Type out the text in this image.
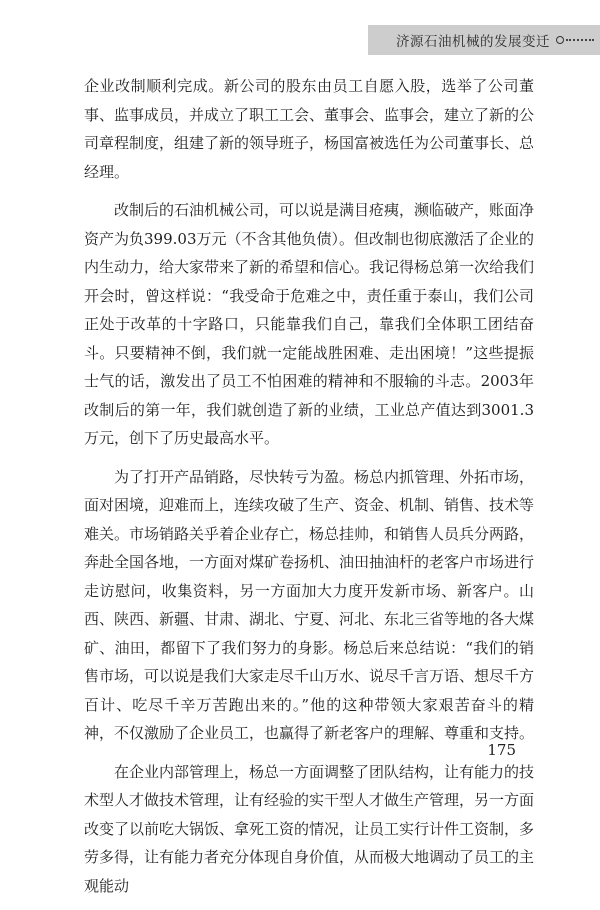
济源石油机械的发展变迁

企业改制顺利完成。新公司的股东由员工自愿入股，选举了公司董事、监事成员，并成立了职工工会、董事会、监事会，建立了新的公司章程制度，组建了新的领导班子，杨国富被选任为公司董事长、总经理。

改制后的石油机械公司，可以说是满目疮痍，濒临破产，账面净资产为负399.03万元（不含其他负债）。但改制也彻底激活了企业的内生动力，给大家带来了新的希望和信心。我记得杨总第一次给我们开会时，曾这样说：“我受命于危难之中，责任重于泰山，我们公司正处于改革的十字路口，只能靠我们自己，靠我们全体职工团结奋斗。只要精神不倒，我们就一定能战胜困难、走出困境！”这些提振士气的话，激发出了员工不怕困难的精神和不服输的斗志。2003年改制后的第一年，我们就创造了新的业绩，工业总产值达到3001.3万元，创下了历史最高水平。

为了打开产品销路，尽快转亏为盈。杨总内抓管理、外拓市场，面对困境，迎难而上，连续攻破了生产、资金、机制、销售、技术等难关。市场销路关乎着企业存亡，杨总挂帅，和销售人员兵分两路，奔赴全国各地，一方面对煤矿卷扬机、油田抽油杆的老客户市场进行走访慰问，收集资料，另一方面加大力度开发新市场、新客户。山西、陕西、新疆、甘肃、湖北、宁夏、河北、东北三省等地的各大煤矿、油田，都留下了我们努力的身影。杨总后来总结说：“我们的销售市场，可以说是我们大家走尽千山万水、说尽千言万语、想尽千方百计、吃尽千辛万苦跑出来的。”他的这种带领大家艰苦奋斗的精神，不仅激励了企业员工，也赢得了新老客户的理解、尊重和支持。

在企业内部管理上，杨总一方面调整了团队结构，让有能力的技术型人才做技术管理，让有经验的实干型人才做生产管理，另一方面改变了以前吃大锅饭、拿死工资的情况，让员工实行计件工资制，多劳多得，让有能力者充分体现自身价值，从而极大地调动了员工的主观能动

175
